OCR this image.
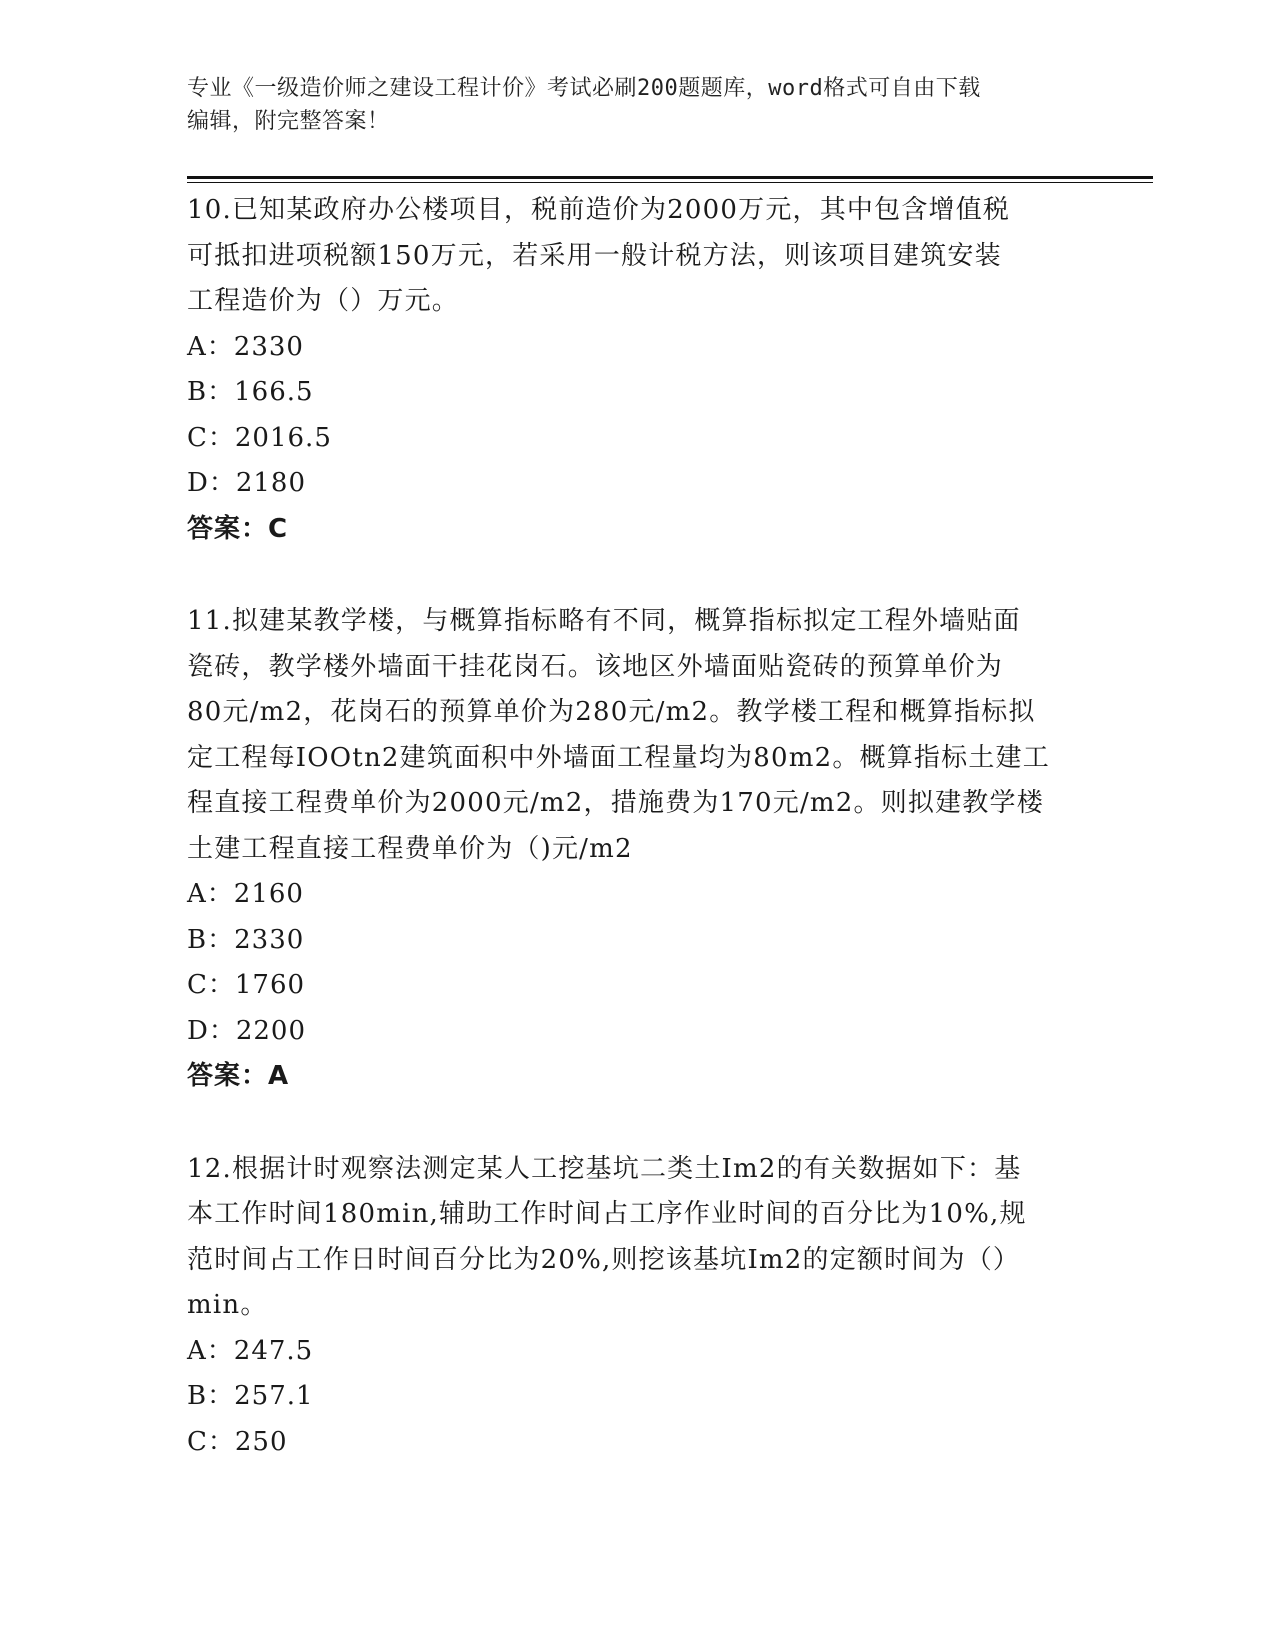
专业《一级造价师之建设工程计价》考试必刷200题题库，word格式可自由下载
编辑，附完整答案！

10.已知某政府办公楼项目，税前造价为2000万元，其中包含增值税

可抵扣进项税额150万元，若采用一般计税方法，则该项目建筑安装

工程造价为（）万元。

A：2330

B：166.5

C：2016.5

D：2180

答案：C

11.拟建某教学楼，与概算指标略有不同，概算指标拟定工程外墙贴面

瓷砖，教学楼外墙面干挂花岗石。该地区外墙面贴瓷砖的预算单价为

80元/m2，花岗石的预算单价为280元/m2。教学楼工程和概算指标拟

定工程每IOOtn2建筑面积中外墙面工程量均为80m2。概算指标土建工

程直接工程费单价为2000元/m2，措施费为170元/m2。则拟建教学楼

土建工程直接工程费单价为（)元/m2

A：2160

B：2330

C：1760

D：2200

答案：A

12.根据计时观察法测定某人工挖基坑二类土Im2的有关数据如下：基

本工作时间180min,辅助工作时间占工序作业时间的百分比为10%,规

范时间占工作日时间百分比为20%,则挖该基坑Im2的定额时间为（）

min。

A：247.5

B：257.1

C：250
